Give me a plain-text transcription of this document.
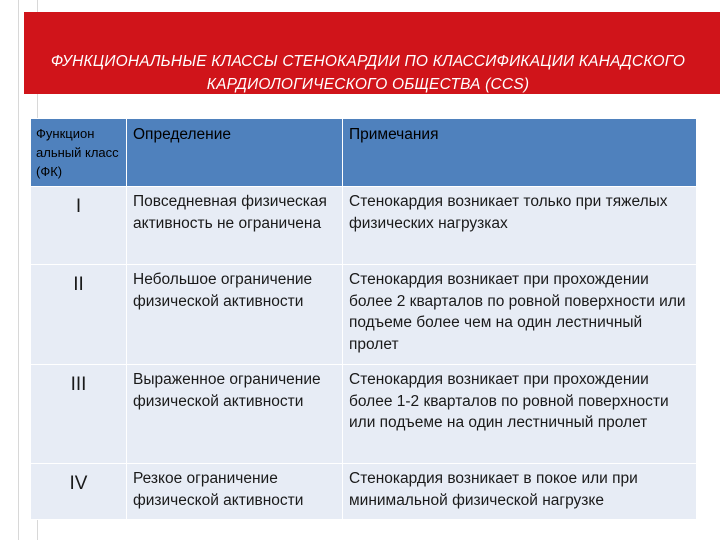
ФУНКЦИОНАЛЬНЫЕ КЛАССЫ СТЕНОКАРДИИ ПО КЛАССИФИКАЦИИ КАНАДСКОГО КАРДИОЛОГИЧЕСКОГО ОБЩЕСТВА (CCS)
Функцион альный класс (ФК)	Определение	Примечания
I	Повседневная физическая активность не ограничена	Стенокардия возникает только при тяжелых физических нагрузках
II	Небольшое ограничение физической активности	Стенокардия возникает при прохождении более 2 кварталов по ровной поверхности или подъеме более чем на один лестничный пролет
III	Выраженное ограничение физической активности	Стенокардия возникает при прохождении более 1-2 кварталов по ровной поверхности или подъеме на один лестничный пролет
IV	Резкое ограничение физической активности	Стенокардия возникает в покое или при минимальной физической нагрузке
